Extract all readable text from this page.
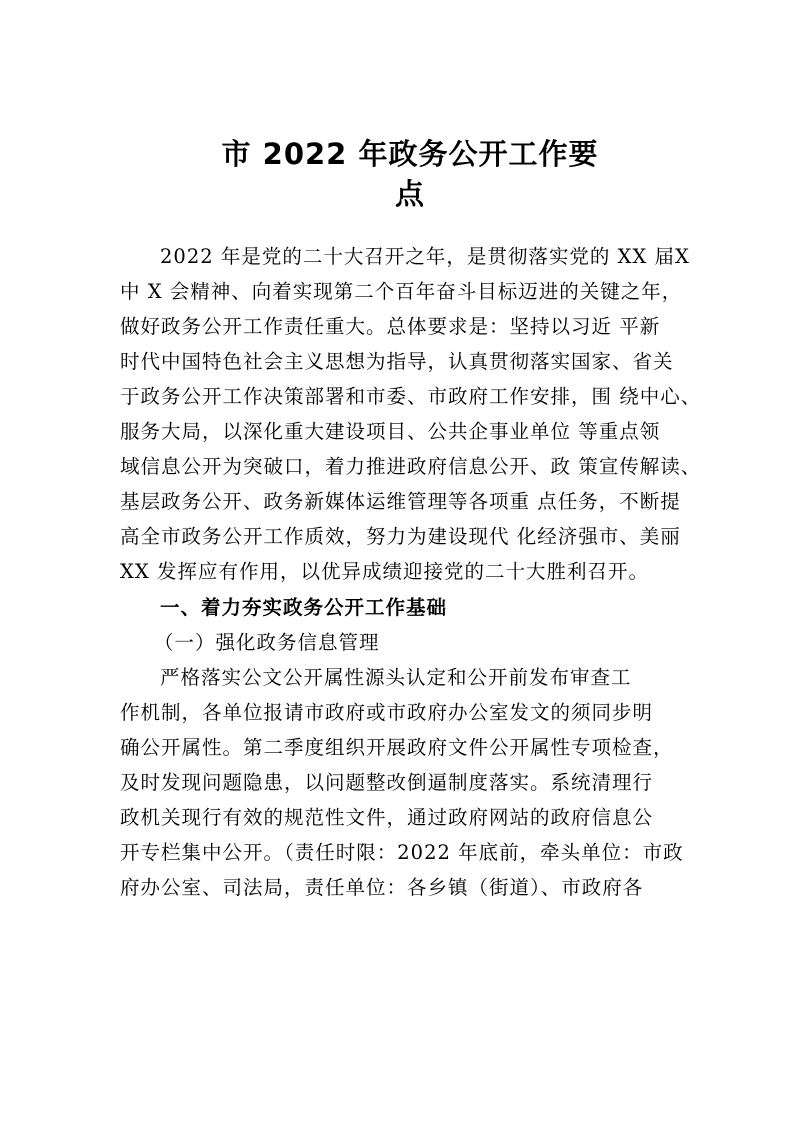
市 2022 年政务公开工作要
点
2022 年是党的二十大召开之年，是贯彻落实党的 XX 届X
中 X 会精神、向着实现第二个百年奋斗目标迈进的关键之年，
做好政务公开工作责任重大。总体要求是：坚持以习近 平新
时代中国特色社会主义思想为指导，认真贯彻落实国家、省关
于政务公开工作决策部署和市委、市政府工作安排，围 绕中心、
服务大局，以深化重大建设项目、公共企事业单位 等重点领
域信息公开为突破口，着力推进政府信息公开、政 策宣传解读、
基层政务公开、政务新媒体运维管理等各项重 点任务，不断提
高全市政务公开工作质效，努力为建设现代 化经济强市、美丽
XX 发挥应有作用，以优异成绩迎接党的二十大胜利召开。
一、着力夯实政务公开工作基础
（一）强化政务信息管理
严格落实公文公开属性源头认定和公开前发布审查工
作机制，各单位报请市政府或市政府办公室发文的须同步明
确公开属性。第二季度组织开展政府文件公开属性专项检查，
及时发现问题隐患，以问题整改倒逼制度落实。系统清理行
政机关现行有效的规范性文件，通过政府网站的政府信息公
开专栏集中公开。（责任时限：2022 年底前，牵头单位：市政
府办公室、司法局，责任单位：各乡镇（街道）、市政府各
